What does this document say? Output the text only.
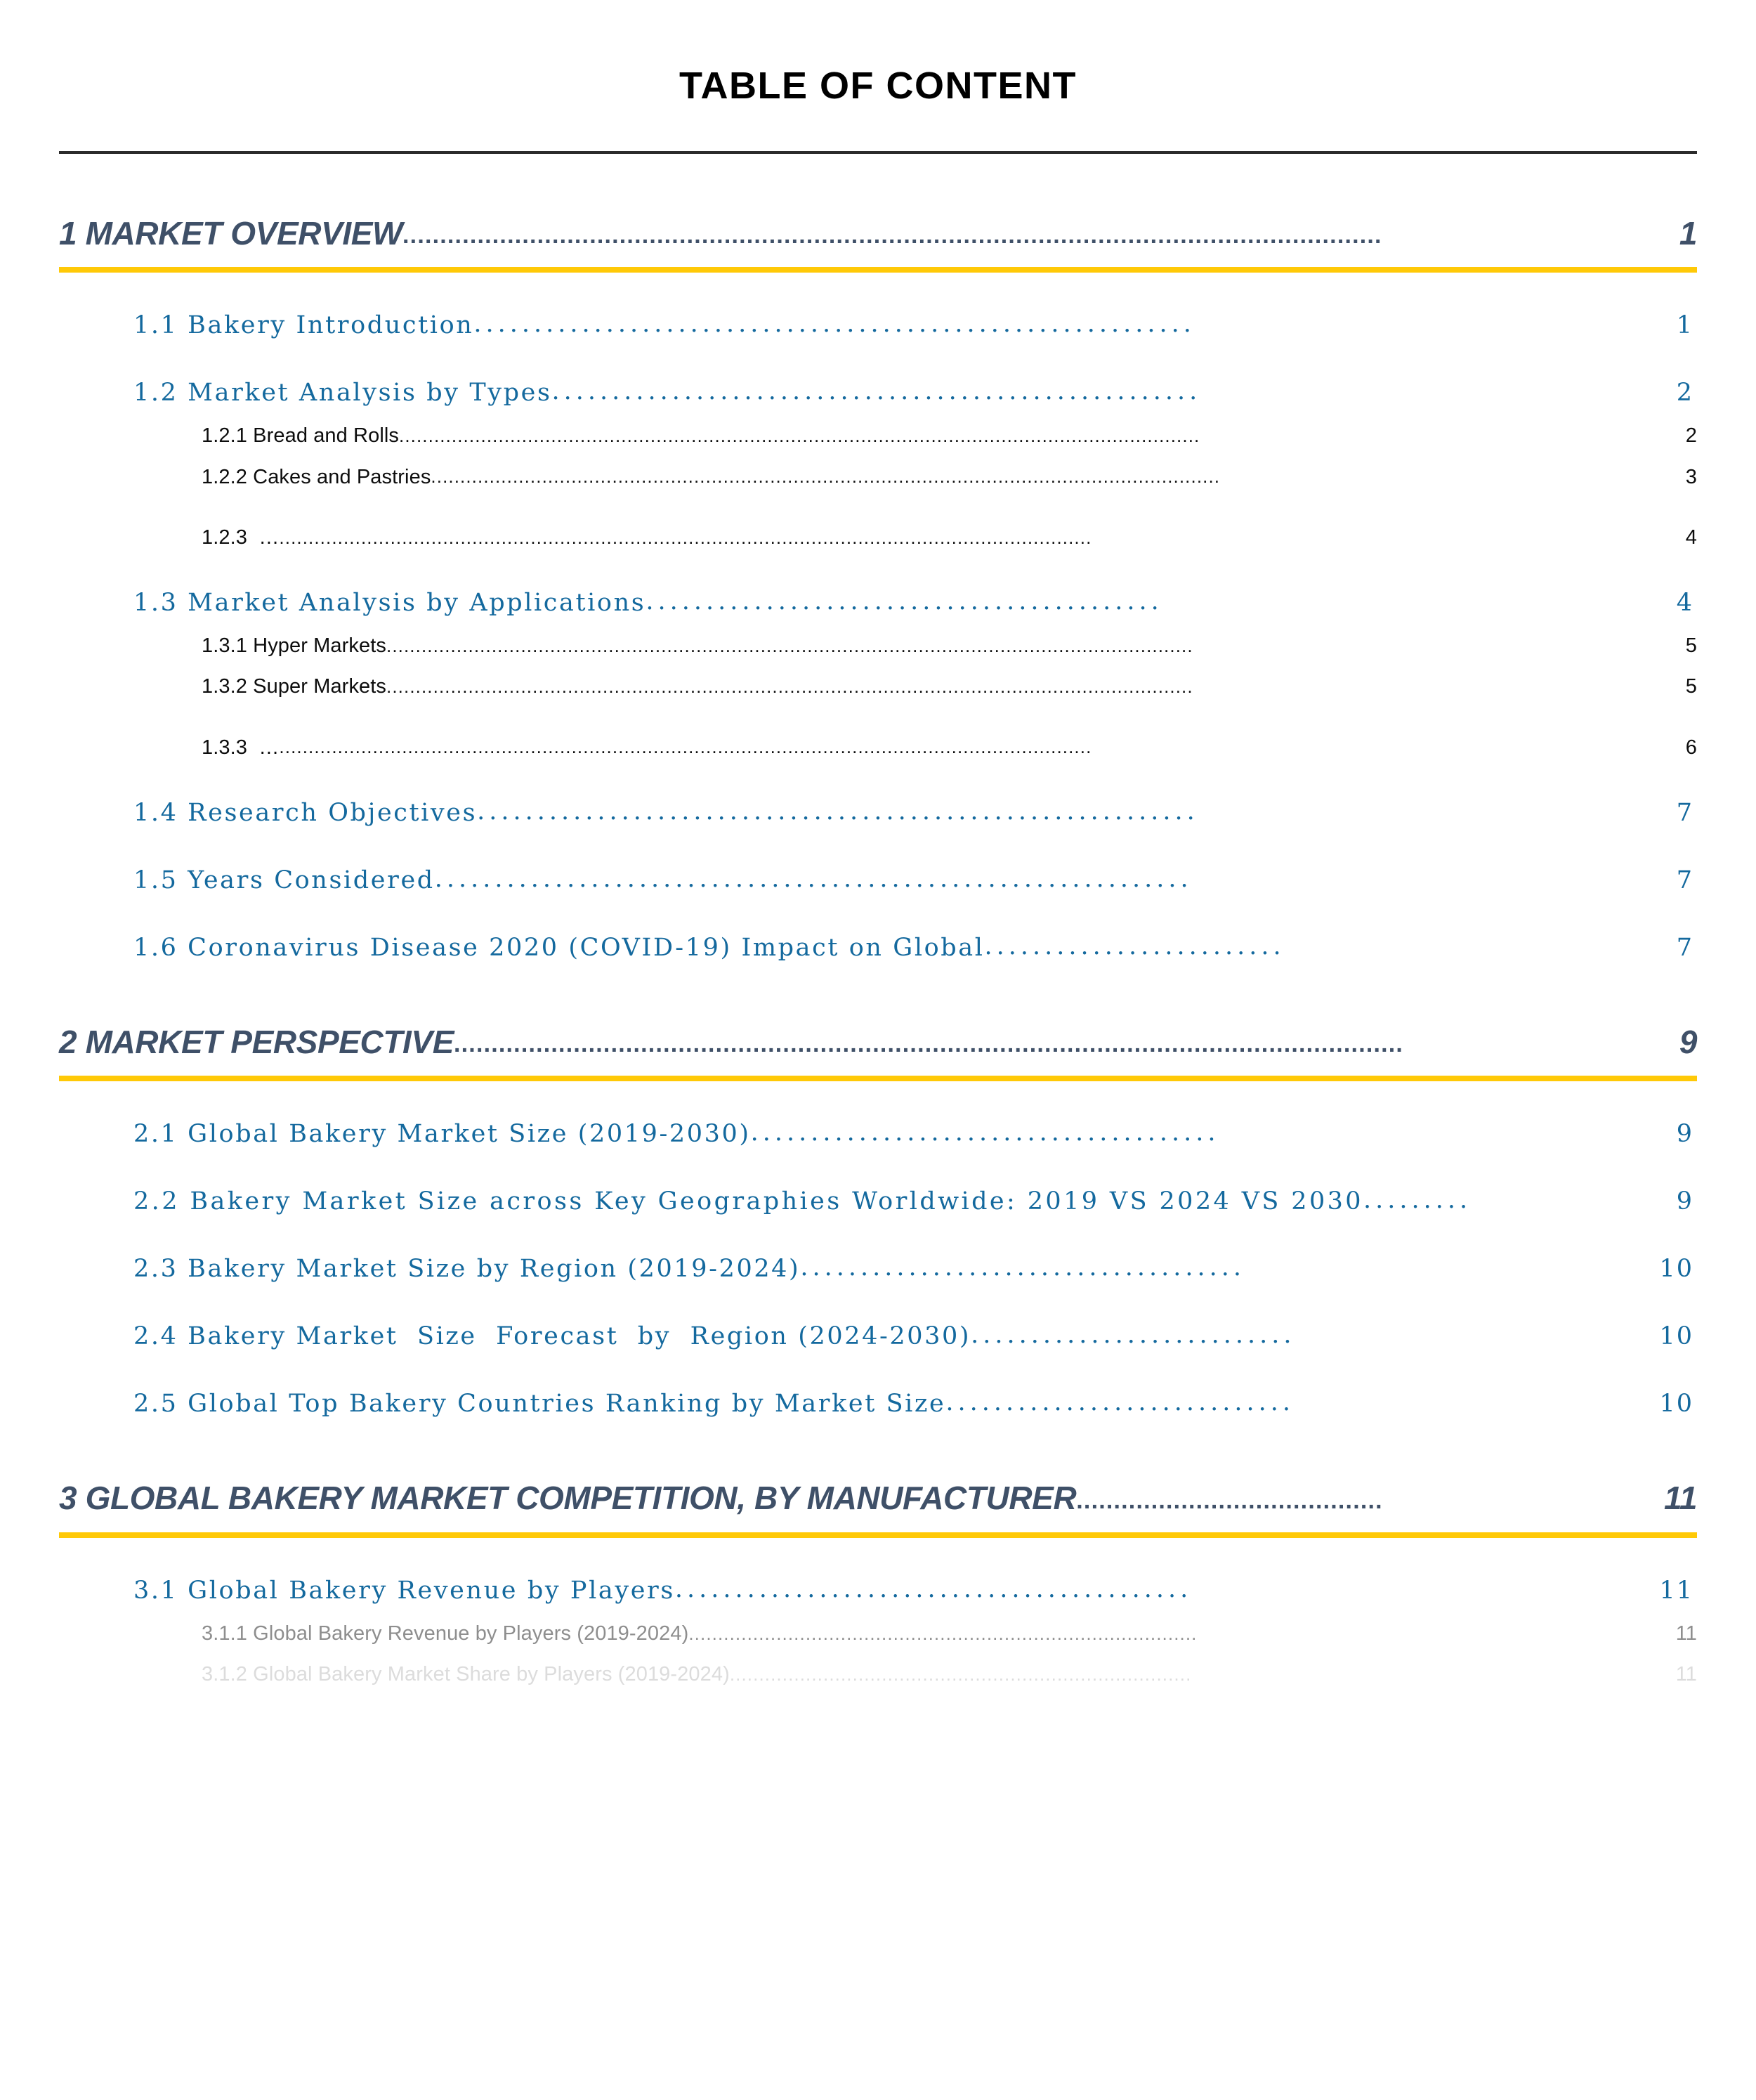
TABLE OF CONTENT
1 MARKET OVERVIEW ...................................................................................................................................	1
1.1 Bakery Introduction ............................................................	1
1.2 Market Analysis by Types ......................................................	2
1.2.1 Bread and Rolls .........................................................................................................................................	2
1.2.2 Cakes and Pastries .......................................................................................................................................	3
1.2.3  … ...........................................................................................................................................	4
1.3 Market Analysis by Applications ...........................................	4
1.3.1 Hyper Markets ..........................................................................................................................................	5
1.3.2 Super Markets ..........................................................................................................................................	5
1.3.3  … ...........................................................................................................................................	6
1.4 Research Objectives ............................................................	7
1.5 Years Considered ...............................................................	7
1.6 Coronavirus Disease 2020 (COVID-19) Impact on Global .........................	7
2 MARKET PERSPECTIVE ...............................................................................................................................	9
2.1 Global Bakery Market Size (2019-2030) .......................................	9
2.2 Bakery Market Size across Key Geographies Worldwide: 2019 VS 2024 VS 2030 .........	9
2.3 Bakery Market Size by Region (2019-2024) .....................................	10
2.4 Bakery Market  Size  Forecast  by  Region (2024-2030) ...........................	10
2.5 Global Top Bakery Countries Ranking by Market Size .............................	10
3 GLOBAL BAKERY MARKET COMPETITION, BY MANUFACTURER .........................................	11
3.1 Global Bakery Revenue by Players ...........................................	11
3.1.1 Global Bakery Revenue by Players (2019-2024) .......................................................................................	11
3.1.2 Global Bakery Market Share by Players (2019-2024) ...............................................................................	11
